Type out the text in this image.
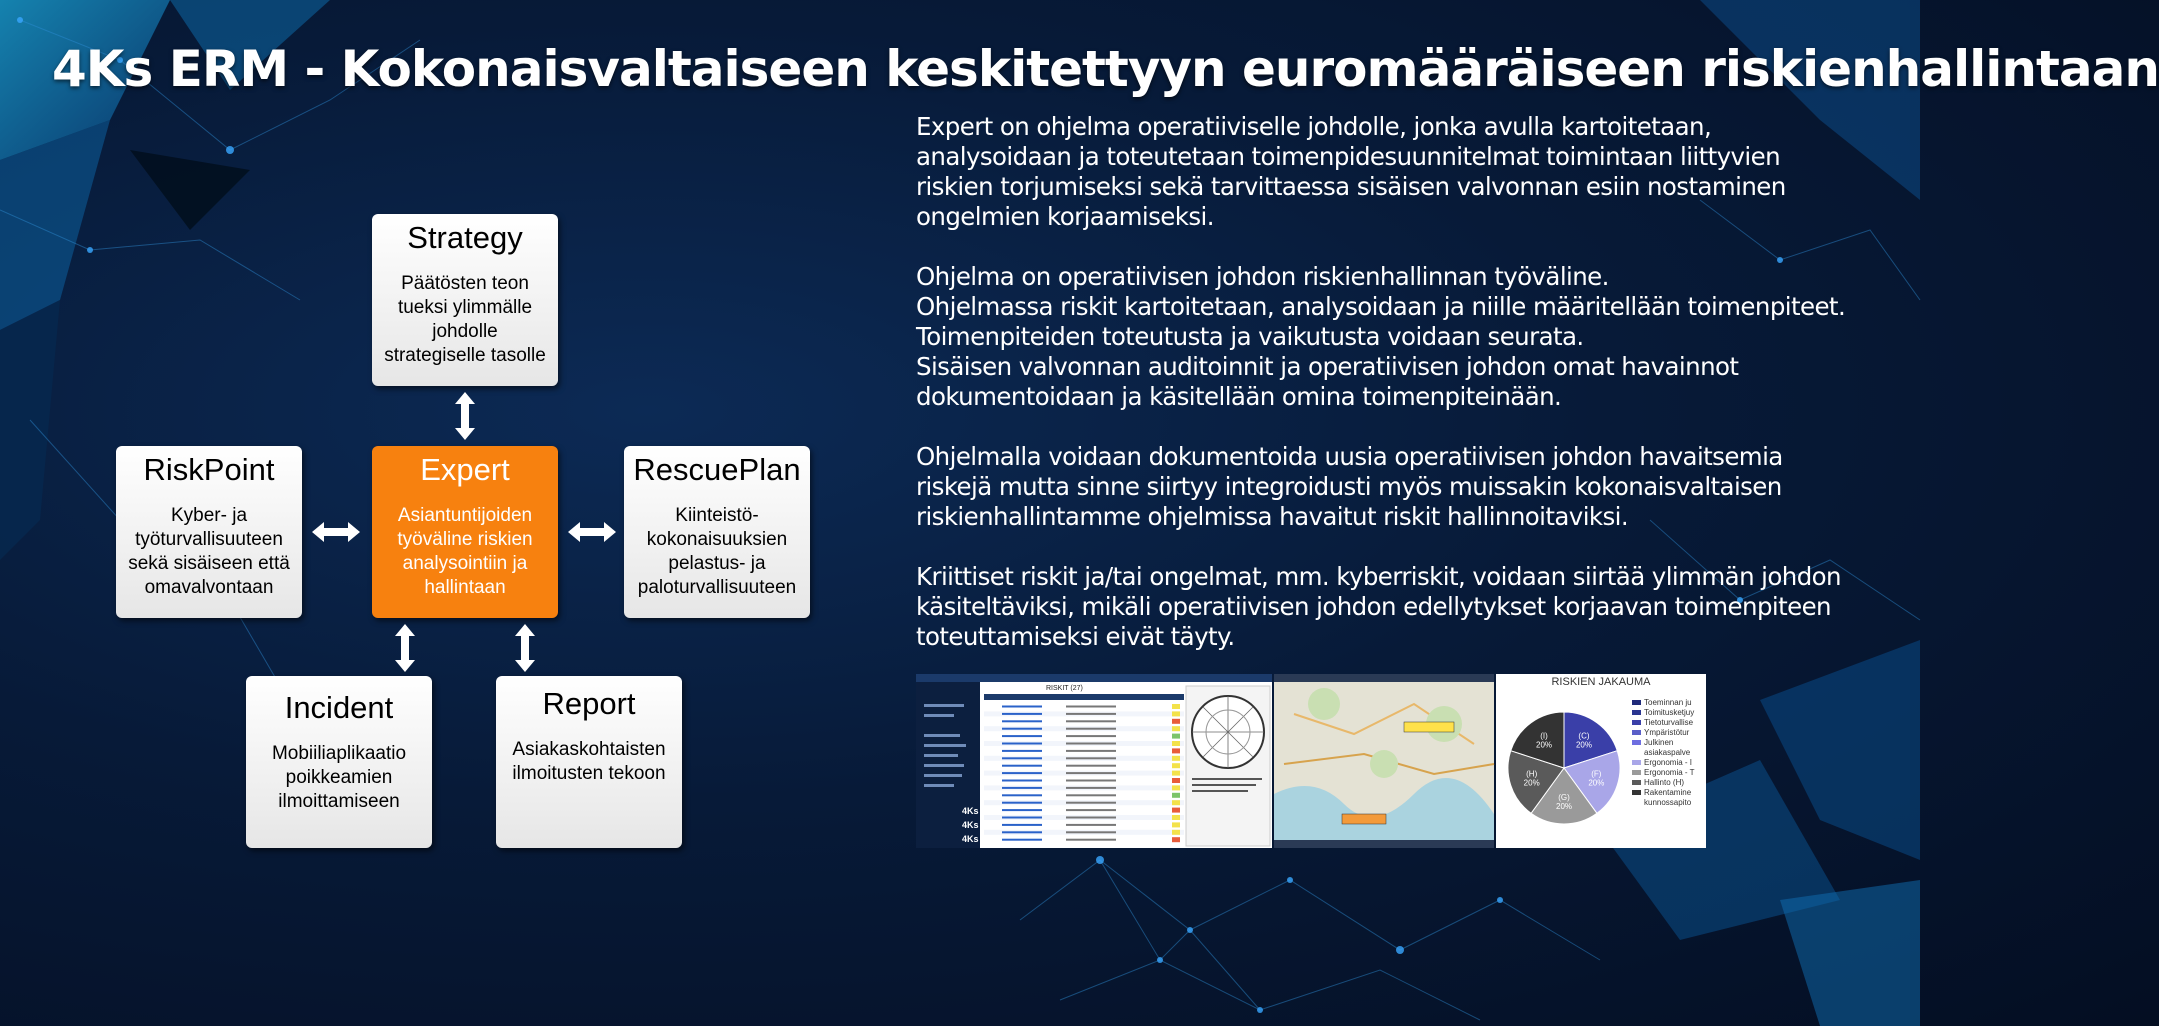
4Ks ERM - Kokonaisvaltaiseen keskitettyyn euromääräiseen riskienhallintaan
Strategy
Päätösten teon tueksi ylimmälle johdolle strategiselle tasolle
RiskPoint
Kyber- ja työturvallisuuteen sekä sisäiseen että omavalvontaan
Expert
Asiantuntijoiden työväline riskien analysointiin ja hallintaan
RescuePlan
Kiinteistö- kokonaisuuksien pelastus- ja paloturvallisuuteen
Incident
Mobiiliaplikaatio poikkeamien ilmoittamiseen
Report
Asiakaskohtaisten ilmoitusten tekoon

Expert on ohjelma operatiiviselle johdolle, jonka avulla kartoitetaan,
analysoidaan ja toteutetaan toimenpidesuunnitelmat toimintaan liittyvien
riskien torjumiseksi sekä tarvittaessa sisäisen valvonnan esiin nostaminen
ongelmien korjaamiseksi.

Ohjelma on operatiivisen johdon riskienhallinnan työväline.
Ohjelmassa riskit kartoitetaan, analysoidaan ja niille määritellään toimenpiteet.
Toimenpiteiden toteutusta ja vaikutusta voidaan seurata.
Sisäisen valvonnan auditoinnit ja operatiivisen johdon omat havainnot
dokumentoidaan ja käsitellään omina toimenpiteinään.

Ohjelmalla voidaan dokumentoida uusia operatiivisen johdon havaitsemia
riskejä mutta sinne siirtyy integroidusti myös muissakin kokonaisvaltaisen
riskienhallintamme ohjelmissa havaitut riskit hallinnoitaviksi.

Kriittiset riskit ja/tai ongelmat, mm. kyberriskit, voidaan siirtää ylimmän johdon
käsiteltäviksi, mikäli operatiivisen johdon edellytykset korjaavan toimenpiteen
toteuttamiseksi eivät täyty.

4Ks
4Ks
4Ks
RISKIT (27)
RISKIEN JAKAUMA
(C)
20%
(F)
20%
(G)
20%
(H)
20%
(I)
20%
Toeminnan ju
Toimitusketjuy
Tietoturvallise
Ympäristötur
Julkinen
asiakaspalve
Ergonomia - I
Ergonomia - T
Hallinto (H)
Rakentamine
kunnossapito
